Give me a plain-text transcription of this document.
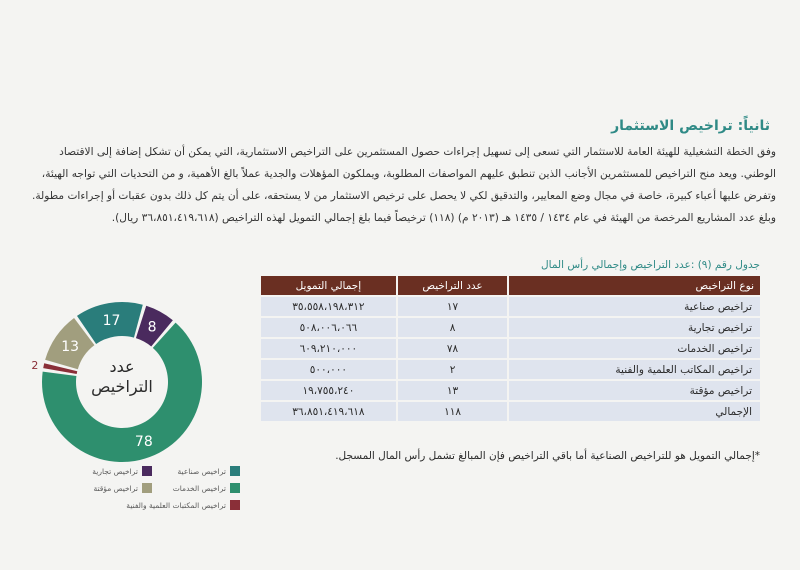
ثانياً: تراخيص الاستثمار

وفق الخطة التشغيلية للهيئة العامة للاستثمار التي تسعى إلى تسهيل إجراءات حصول المستثمرين على التراخيص الاستثمارية، التي يمكن أن تشكل إضافة إلى الاقتصاد الوطني. ويعد منح التراخيص للمستثمرين الأجانب الذين تنطبق عليهم المواصفات المطلوبة، ويملكون المؤهلات والجدية عملاً بالغ الأهمية، و من التحديات التي تواجه الهيئة، وتفرض عليها أعباء كبيرة، خاصة في مجال وضع المعايير، والتدقيق لكي لا يحصل على ترخيص الاستثمار من لا يستحقه، على أن يتم كل ذلك بدون عقبات أو إجراءات مطولة.

وبلغ عدد المشاريع المرخصة من الهيئة في عام ١٤٣٤ / ١٤٣٥ هـ (٢٠١٣ م) (١١٨) ترخيصاً فيما بلغ إجمالي التمويل لهذه التراخيص (٣٦،٨٥١،٤١٩،٦١٨ ريال).

جدول رقم (٩) :عدد التراخيص وإجمالي رأس المال
نوع التراخيص	عدد التراخيص	إجمالي التمويل
تراخيص صناعية	١٧	٣٥،٥٥٨،١٩٨،٣١٢
تراخيص تجارية	٨	٥٠٨،٠٠٦،٠٦٦
تراخيص الخدمات	٧٨	٦٠٩،٢١٠،٠٠٠
تراخيص المكاتب العلمية والفنية	٢	٥٠٠،٠٠٠
تراخيص مؤقتة	١٣	١٩،٧٥٥،٢٤٠
الإجمالي	١١٨	٣٦،٨٥١،٤١٩،٦١٨
*إجمالي التمويل هو للتراخيص الصناعية أما باقي التراخيص فإن المبالغ تشمل رأس المال المسجل.
17 8
78
2
13
عدد
التراخيص
تراخيص صناعية
تراخيص تجارية
تراخيص الخدمات
تراخيص مؤقتة
تراخيص المكتبات العلمية والفنية
